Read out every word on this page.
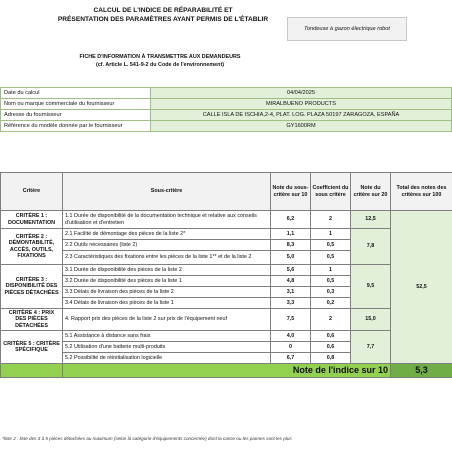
CALCUL DE L'INDICE DE RÉPARABILITÉ ET
PRÉSENTATION DES PARAMÈTRES AYANT PERMIS DE L'ÉTABLIR
Tondeuse à gazon électrique robot
FICHE D'INFORMATION À TRANSMETTRE AUX DEMANDEURS
(cf. Article L. 541-9-2 du Code de l'environnement)
Date du calcul	04/04/2025
Nom ou marque commerciale du fournisseur	MIRALBUENO PRODUCTS
Adresse du fournisseur	CALLE ISLA DE ISCHIA,2-4, PLAT. LOG. PLAZA 50197 ZARAGOZA, ESPAÑA
Référence du modèle donnée par le fournisseur	GY1600RM
Critère	Sous-critère	Note du sous-critère sur 10	Coefficient du sous critère	Note du critère sur 20	Total des notes des critères sur 100
CRITÈRE 1 : DOCUMENTATION	1.1 Durée de disponibilité de la documentation technique et relative aux conseils d'utilisation et d'entretien	6,2	2	12,5	52,5
CRITÈRE 2 : DÉMONTABILITÉ, ACCÈS, OUTILS, FIXATIONS	2.1 Facilité de démontage des pièces de la liste 2*	1,1	1	7,8	
	2.2 Outils nécessaires (liste 2)	8,3	0,5		
	2.3 Caractéristiques des fixations entre les pièces de la liste 1** et de la liste 2	5,0	0,5		
CRITÈRE 3 : DISPONIBILITÉ DES PIÈCES DÉTACHÉES	3.1 Durée de disponibilité des pièces de la liste 2	5,6	1	9,5	
	3.2 Durée de disponibilité des pièces de la liste 1	4,8	0,5		
	3.3 Délais de livraison des pièces de la liste 2	3,1	0,3		
	3.4 Délais de livraison des pièces de la liste 1	3,3	0,2		
CRITÈRE 4 : PRIX DES PIÈCES DÉTACHÉES	4. Rapport prix des pièces de la liste 2 sur prix de l'équipement neuf	7,5	2	15,0	
CRITÈRE 5 : CRITÈRE SPÉCIFIQUE	5.1 Assistance à distance sans frais	4,0	0,6	7,7	
	5.2 Utilisation d'une batterie multi-produits	0	0,6		
	5.2 Possibilité de réinitialisation logicielle	6,7	0,8		
	Note de l'indice sur 10				5,3
*liste 2 : liste des 3 à 5 pièces détachées au maximum (selon la catégorie d'équipements concernée) dont la casse ou les pannes sont les plus
